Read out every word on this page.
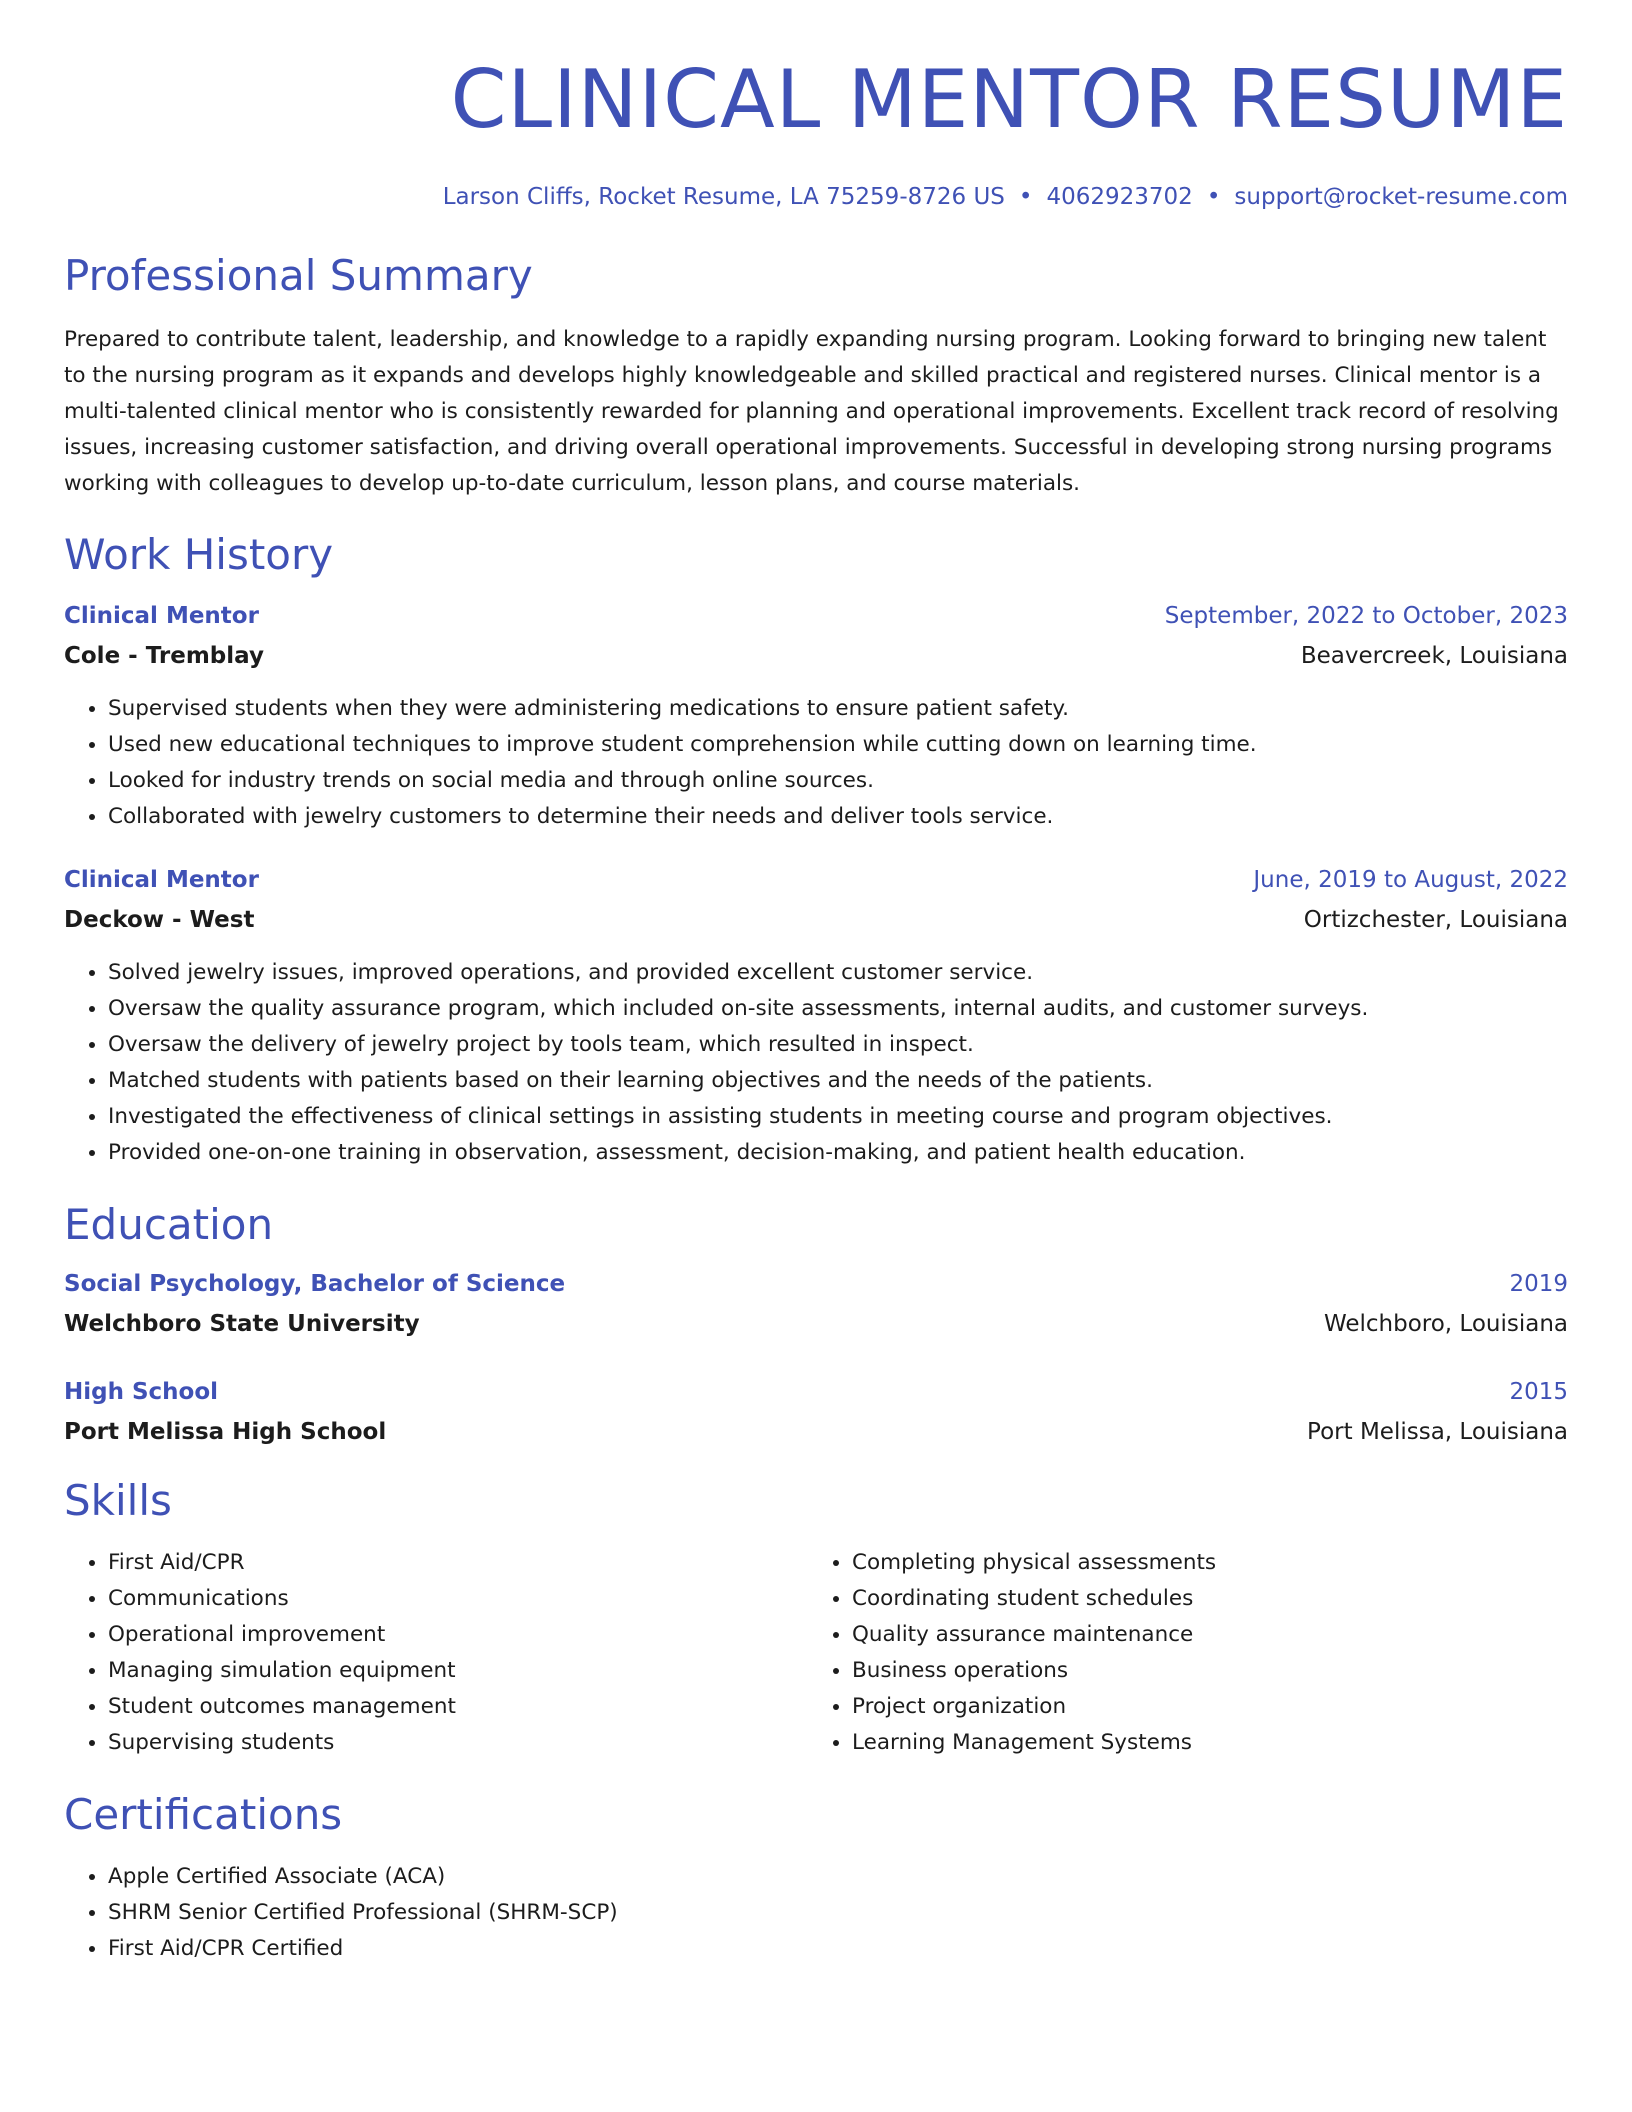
CLINICAL MENTOR RESUME
Larson Cliffs, Rocket Resume, LA 75259-8726 US • 4062923702 • support@rocket-resume.com
Professional Summary

Prepared to contribute talent, leadership, and knowledge to a rapidly expanding nursing program. Looking forward to bringing new talent to the nursing program as it expands and develops highly knowledgeable and skilled practical and registered nurses. Clinical mentor is a multi-talented clinical mentor who is consistently rewarded for planning and operational improvements. Excellent track record of resolving issues, increasing customer satisfaction, and driving overall operational improvements. Successful in developing strong nursing programs working with colleagues to develop up-to-date curriculum, lesson plans, and course materials.

Work History
Clinical Mentor	September, 2022 to October, 2023
Cole - Tremblay	Beavercreek, Louisiana
• Supervised students when they were administering medications to ensure patient safety.
• Used new educational techniques to improve student comprehension while cutting down on learning time.
• Looked for industry trends on social media and through online sources.
• Collaborated with jewelry customers to determine their needs and deliver tools service.
Clinical Mentor	June, 2019 to August, 2022
Deckow - West	Ortizchester, Louisiana
• Solved jewelry issues, improved operations, and provided excellent customer service.
• Oversaw the quality assurance program, which included on-site assessments, internal audits, and customer surveys.
• Oversaw the delivery of jewelry project by tools team, which resulted in inspect.
• Matched students with patients based on their learning objectives and the needs of the patients.
• Investigated the effectiveness of clinical settings in assisting students in meeting course and program objectives.
• Provided one-on-one training in observation, assessment, decision-making, and patient health education.
Education
Social Psychology, Bachelor of Science	2019
Welchboro State University	Welchboro, Louisiana
High School	2015
Port Melissa High School	Port Melissa, Louisiana
Skills
• First Aid/CPR
• Communications
• Operational improvement
• Managing simulation equipment
• Student outcomes management
• Supervising students
• Completing physical assessments
• Coordinating student schedules
• Quality assurance maintenance
• Business operations
• Project organization
• Learning Management Systems
Certifications
• Apple Certified Associate (ACA)
• SHRM Senior Certified Professional (SHRM-SCP)
• First Aid/CPR Certified
